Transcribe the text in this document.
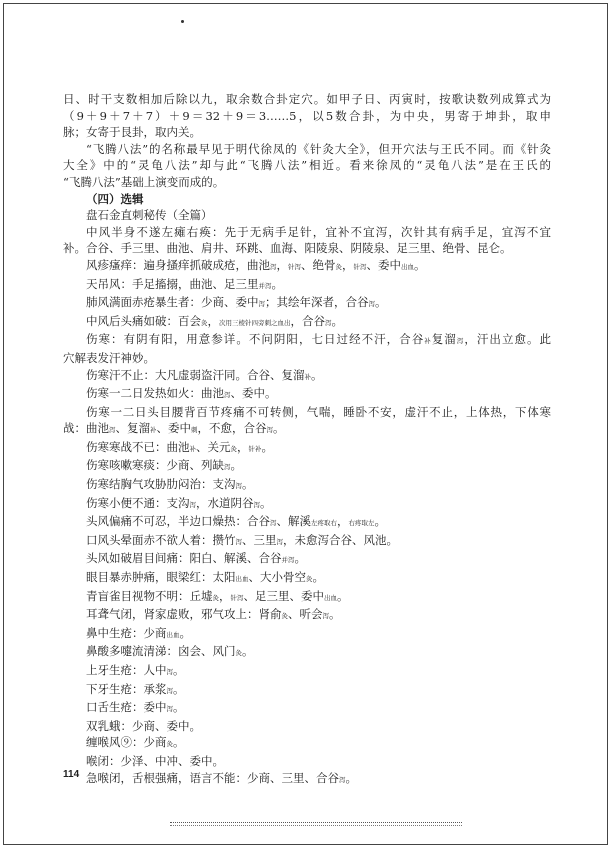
日、时干支数相加后除以九，取余数合卦定穴。如甲子日、丙寅时，按歌诀数列成算式为

（9＋9＋7＋7）＋9＝32＋9＝3……5，以5数合卦，为中央，男寄于坤卦，取申

脉；女寄于艮卦，取内关。

“飞腾八法”的名称最早见于明代徐凤的《针灸大全》，但开穴法与王氏不同。而《针灸

大全》中的“灵龟八法”却与此“飞腾八法”相近。看来徐凤的“灵龟八法”是在王氏的

“飞腾八法”基础上演变而成的。

（四）选辑

盘石金直刺秘传（全篇）

中风半身不遂左瘫右痪：先于无病手足针，宜补不宜泻，次针其有病手足，宜泻不宜

补。合谷、手三里、曲池、肩井、环跳、血海、阳陵泉、阴陵泉、足三里、绝骨、昆仑。

风疹瘙痒：遍身搔痒抓破成疮，曲池泻，针泻、绝骨灸，针泻、委中出血。

天吊风：手足搐搦，曲池、足三里并泻。

肺风满面赤疮暴生者：少商、委中泻；其绘年深者，合谷泻。

中风后头痛如破：百会灸，次用三棱针四旁刺之血出，合谷泻。

伤寒：有阴有阳，用意参详。不问阴阳，七日过经不汗，合谷补复溜泻，汗出立愈。此

穴解表发汗神妙。

伤寒汗不止：大凡虚弱盗汗同。合谷、复溜补。

伤寒一二日发热如火：曲池泻、委中。

伤寒一二日头目腰背百节疼痛不可转侧，气喘，睡卧不安，虚汗不止，上体热，下体寒

战：曲池泻、复溜补、委中刺，不愈，合谷泻。

伤寒寒战不已：曲池补、关元灸，针补。

伤寒咳嗽寒痰：少商、列缺泻。

伤寒结胸气攻胁肋闷治：支沟泻。

伤寒小便不通：支沟泻，水道阴谷泻。

头风偏痛不可忍，半边口燥热：合谷泻、解溪左疼取右，右疼取左。

口风头晕面赤不欲人着：攒竹泻、三里泻，未愈泻合谷、风池。

头风如破眉目间痛：阳白、解溪、合谷并泻。

眼目暴赤肿痛，眼梁红：太阳出血、大小骨空灸。

青盲雀目视物不明：丘墟灸，针泻、足三里、委中出血。

耳聋气闭，肾家虚败，邪气攻上：肾俞灸、听会泻。

鼻中生疮：少商出血。

鼻酸多嚏流清涕：囟会、风门灸。

上牙生疮：人中泻。

下牙生疮：承浆泻。

口舌生疮：委中泻。

双乳蛾：少商、委中。

缠喉风⑨：少商灸。

喉闭：少泽、中冲、委中。

急喉闭，舌根强痛，语言不能：少商、三里、合谷泻。

114
